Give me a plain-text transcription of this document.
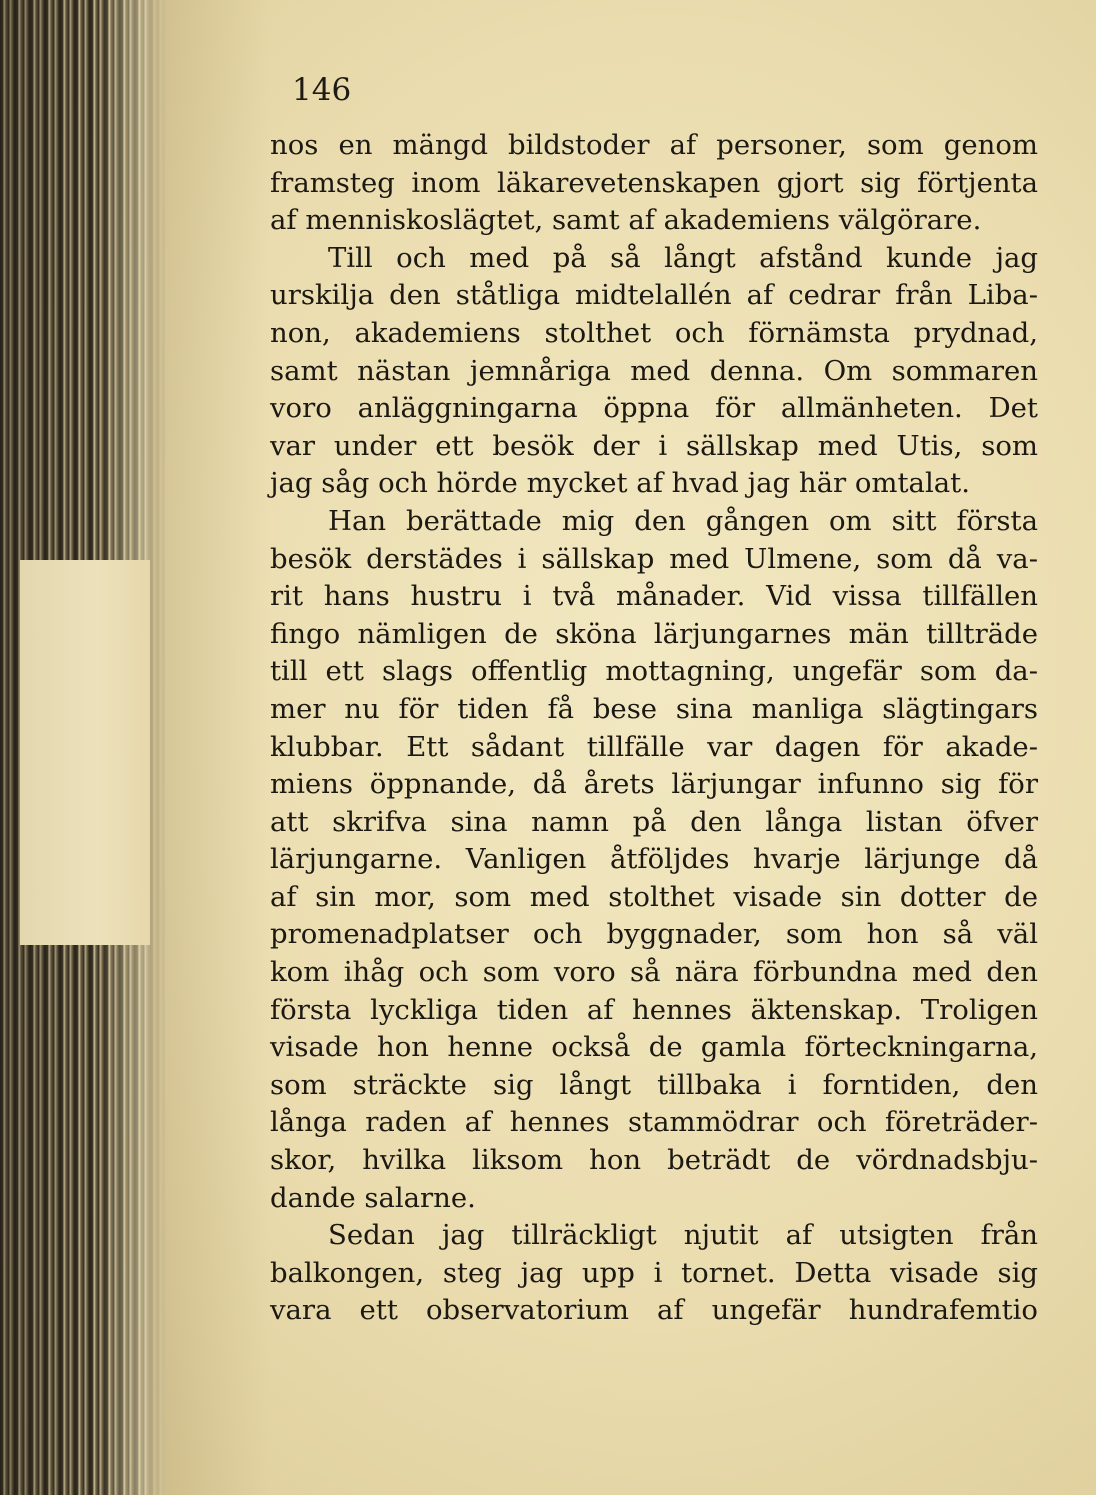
146
nos en mängd bildstoder af personer, som genom
framsteg inom läkarevetenskapen gjort sig förtjenta
af menniskoslägtet, samt af akademiens välgörare.
Till och med på så långt afstånd kunde jag
urskilja den ståtliga midtelallén af cedrar från Liba-
non, akademiens stolthet och förnämsta prydnad,
samt nästan jemnåriga med denna. Om sommaren
voro anläggningarna öppna för allmänheten. Det
var under ett besök der i sällskap med Utis, som
jag såg och hörde mycket af hvad jag här omtalat.
Han berättade mig den gången om sitt första
besök derstädes i sällskap med Ulmene, som då va-
rit hans hustru i två månader. Vid vissa tillfällen
fingo nämligen de sköna lärjungarnes män tillträde
till ett slags offentlig mottagning, ungefär som da-
mer nu för tiden få bese sina manliga slägtingars
klubbar. Ett sådant tillfälle var dagen för akade-
miens öppnande, då årets lärjungar infunno sig för
att skrifva sina namn på den långa listan öfver
lärjungarne. Vanligen åtföljdes hvarje lärjunge då
af sin mor, som med stolthet visade sin dotter de
promenadplatser och byggnader, som hon så väl
kom ihåg och som voro så nära förbundna med den
första lyckliga tiden af hennes äktenskap. Troligen
visade hon henne också de gamla förteckningarna,
som sträckte sig långt tillbaka i forntiden, den
långa raden af hennes stammödrar och företräder-
skor, hvilka liksom hon beträdt de vördnadsbju-
dande salarne.
Sedan jag tillräckligt njutit af utsigten från
balkongen, steg jag upp i tornet. Detta visade sig
vara ett observatorium af ungefär hundrafemtio
